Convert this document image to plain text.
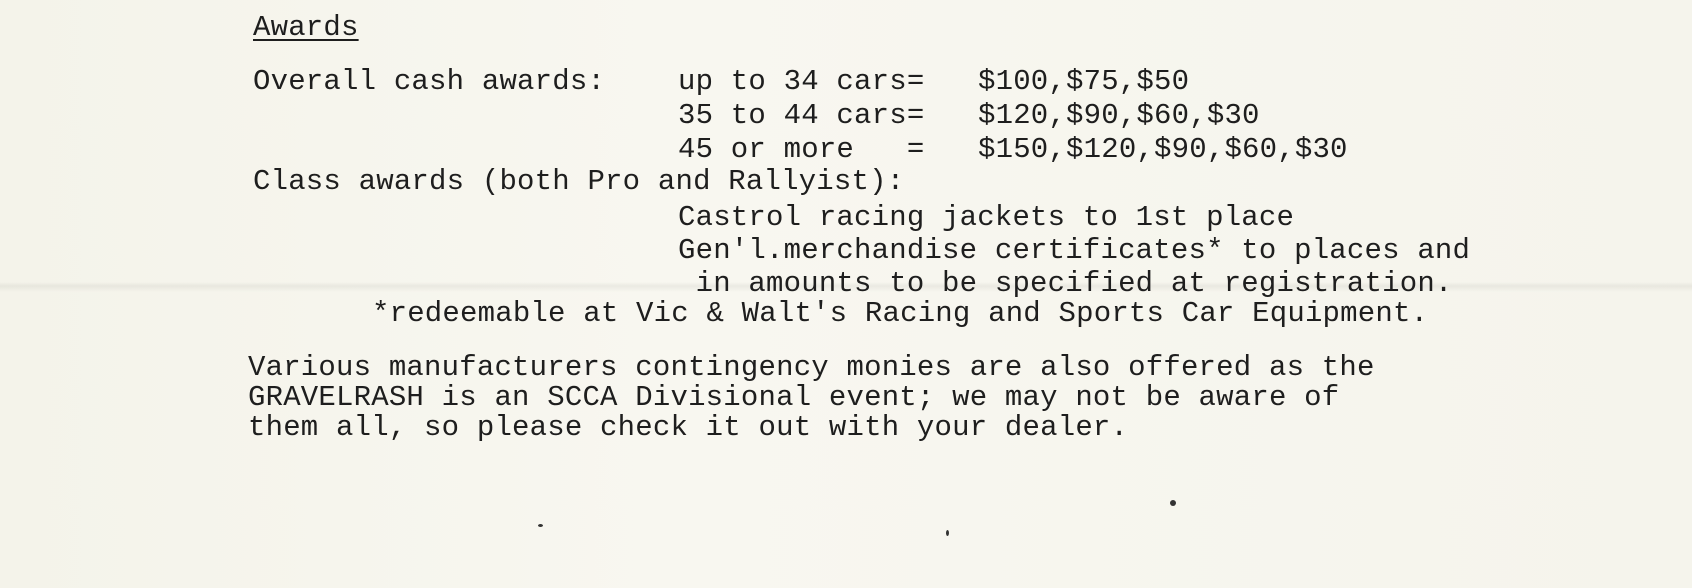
Awards
Overall cash awards:	up to 34 cars= $100,$75,$50
35 to 44 cars= $120,$90,$60,$30
45 or more   = $150,$120,$90,$60,$30
Class awards (both Pro and Rallyist):
Castrol racing jackets to 1st place
Gen'l.merchandise certificates* to places and
in amounts to be specified at registration.
*redeemable at Vic & Walt's Racing and Sports Car Equipment.
Various manufacturers contingency monies are also offered as the
GRAVELRASH is an SCCA Divisional event; we may not be aware of
them all, so please check it out with your dealer.
